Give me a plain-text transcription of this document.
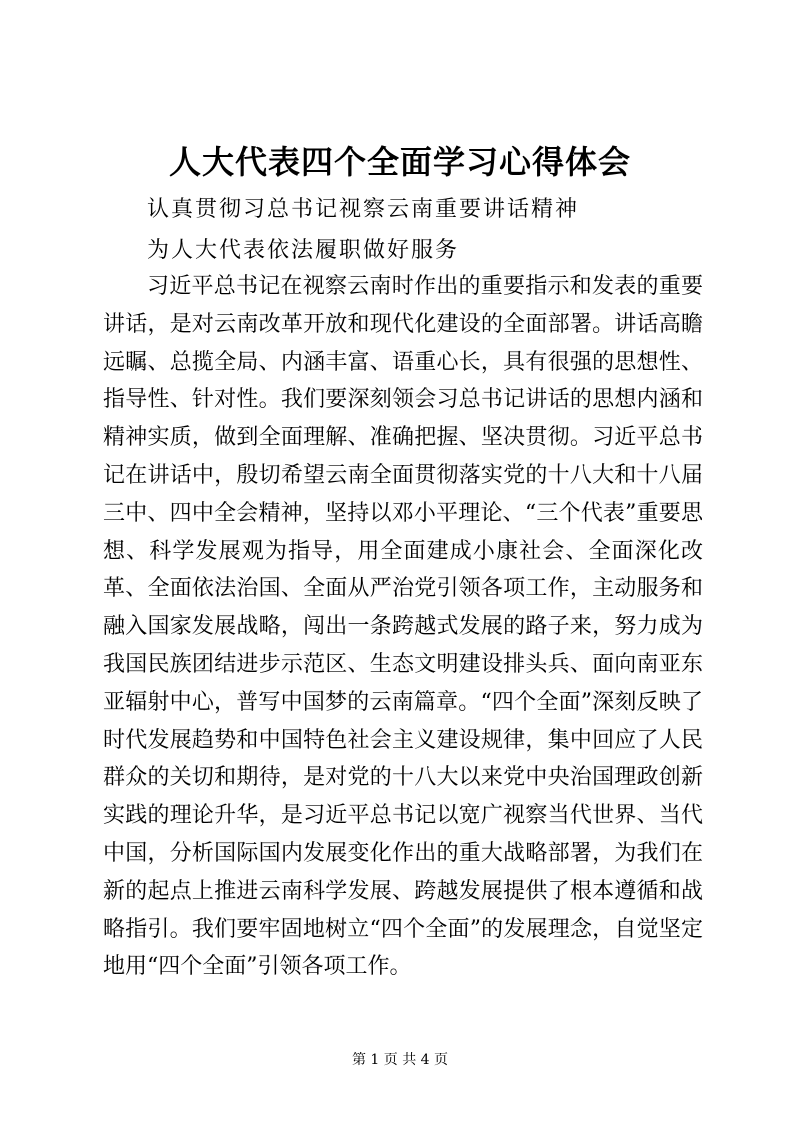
人大代表四个全面学习心得体会
认真贯彻习总书记视察云南重要讲话精神
为人大代表依法履职做好服务

习近平总书记在视察云南时作出的重要指示和发表的重要讲话，是对云南改革开放和现代化建设的全面部署。讲话高瞻远瞩、总揽全局、内涵丰富、语重心长，具有很强的思想性、指导性、针对性。我们要深刻领会习总书记讲话的思想内涵和精神实质，做到全面理解、准确把握、坚决贯彻。习近平总书记在讲话中，殷切希望云南全面贯彻落实党的十八大和十八届三中、四中全会精神，坚持以邓小平理论、“三个代表”重要思想、科学发展观为指导，用全面建成小康社会、全面深化改革、全面依法治国、全面从严治党引领各项工作，主动服务和融入国家发展战略，闯出一条跨越式发展的路子来，努力成为我国民族团结进步示范区、生态文明建设排头兵、面向南亚东亚辐射中心，普写中国梦的云南篇章。“四个全面”深刻反映了时代发展趋势和中国特色社会主义建设规律，集中回应了人民群众的关切和期待，是对党的十八大以来党中央治国理政创新实践的理论升华，是习近平总书记以宽广视察当代世界、当代中国，分析国际国内发展变化作出的重大战略部署，为我们在新的起点上推进云南科学发展、跨越发展提供了根本遵循和战略指引。我们要牢固地树立“四个全面”的发展理念，自觉坚定地用“四个全面”引领各项工作。

第 1 页 共 4 页
